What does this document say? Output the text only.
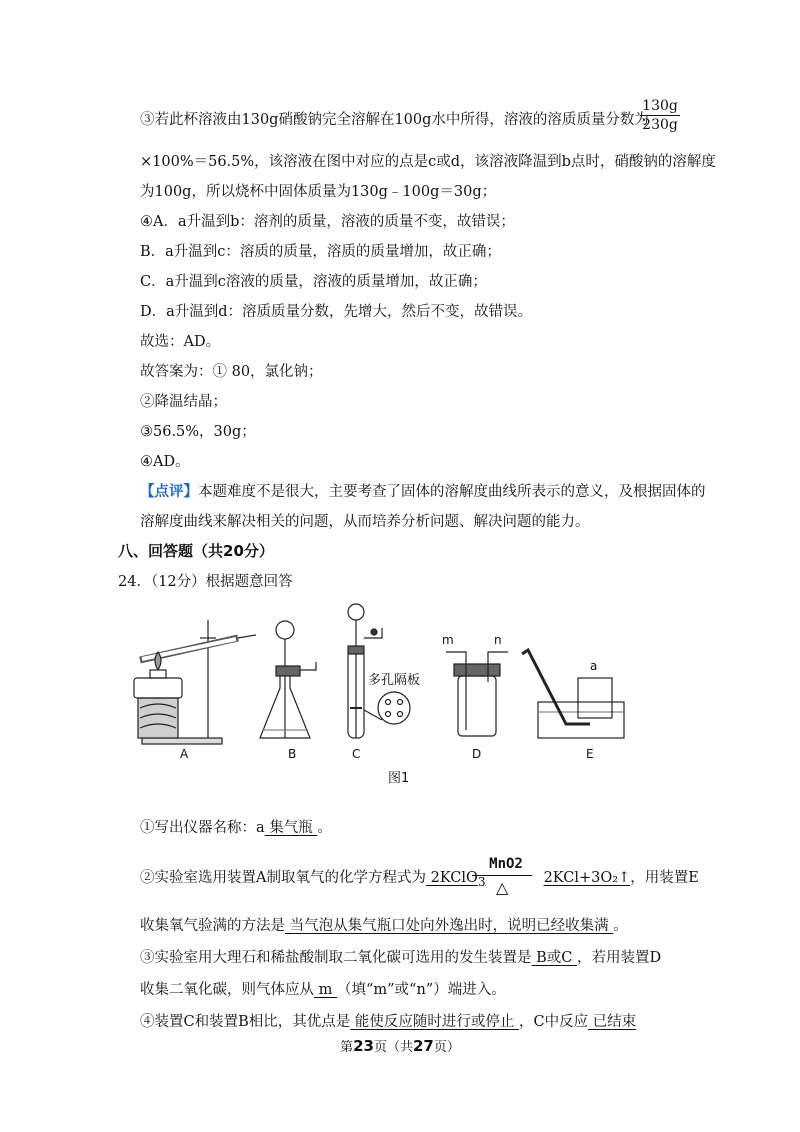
③若此杯溶液由130g硝酸钠完全溶解在100g水中所得，溶液的溶质质量分数为
$\frac{130g}{230g}$
×100%＝56.5%，该溶液在图中对应的点是c或d，该溶液降温到b点时，硝酸钠的溶解度
为100g，所以烧杯中固体质量为130g﹣100g＝30g；
④A．a升温到b：溶剂的质量，溶液的质量不变，故错误；
B．a升温到c：溶质的质量，溶质的质量增加，故正确；
C．a升温到c溶液的质量，溶液的质量增加，故正确；
D．a升温到d：溶质质量分数，先增大，然后不变，故错误。
故选：AD。
故答案为：① 80，氯化钠；
②降温结晶；
③56.5%，30g；
④AD。
【点评】本题难度不是很大，主要考查了固体的溶解度曲线所表示的意义，及根据固体的
溶解度曲线来解决相关的问题，从而培养分析问题、解决问题的能力。
八、回答题（共20分）
24．（12分）根据题意回答
A	B
多孔隔板
C
m	n
D
a
E
图1
①写出仪器名称：a 集气瓶 。
MnO2
△
②实验室选用装置A制取氧气的化学方程式为 2KClO$_3$	2KCl+3O₂↑，用装置E
收集氧气验满的方法是 当气泡从集气瓶口处向外逸出时，说明已经收集满 。
③实验室用大理石和稀盐酸制取二氧化碳可选用的发生装置是 B或C ，若用装置D
收集二氧化碳，则气体应从 m （填“m”或“n”）端进入。
④装置C和装置B相比，其优点是 能使反应随时进行或停止 ，C中反应 已结束
第23页（共27页）
